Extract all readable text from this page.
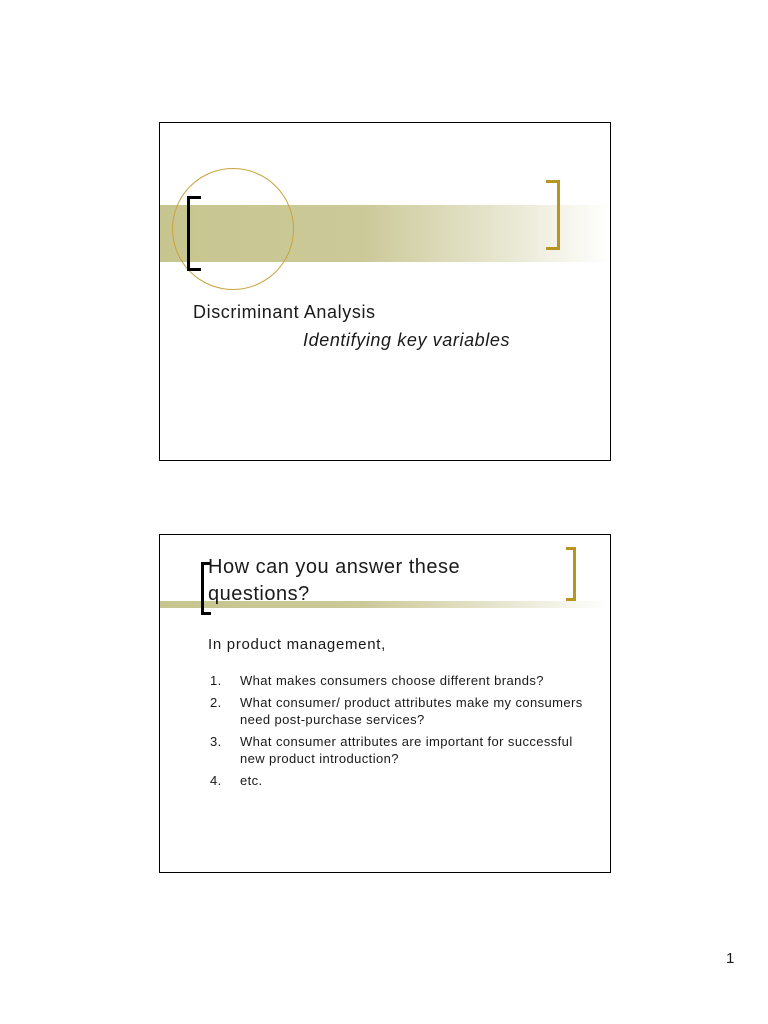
Discriminant Analysis
Identifying key variables
How can you answer these questions?
In product management,
1. What makes consumers choose different brands?
2. What consumer/ product attributes make my consumers need post-purchase services?
3. What consumer attributes are important for successful new product introduction?
4. etc.
1
